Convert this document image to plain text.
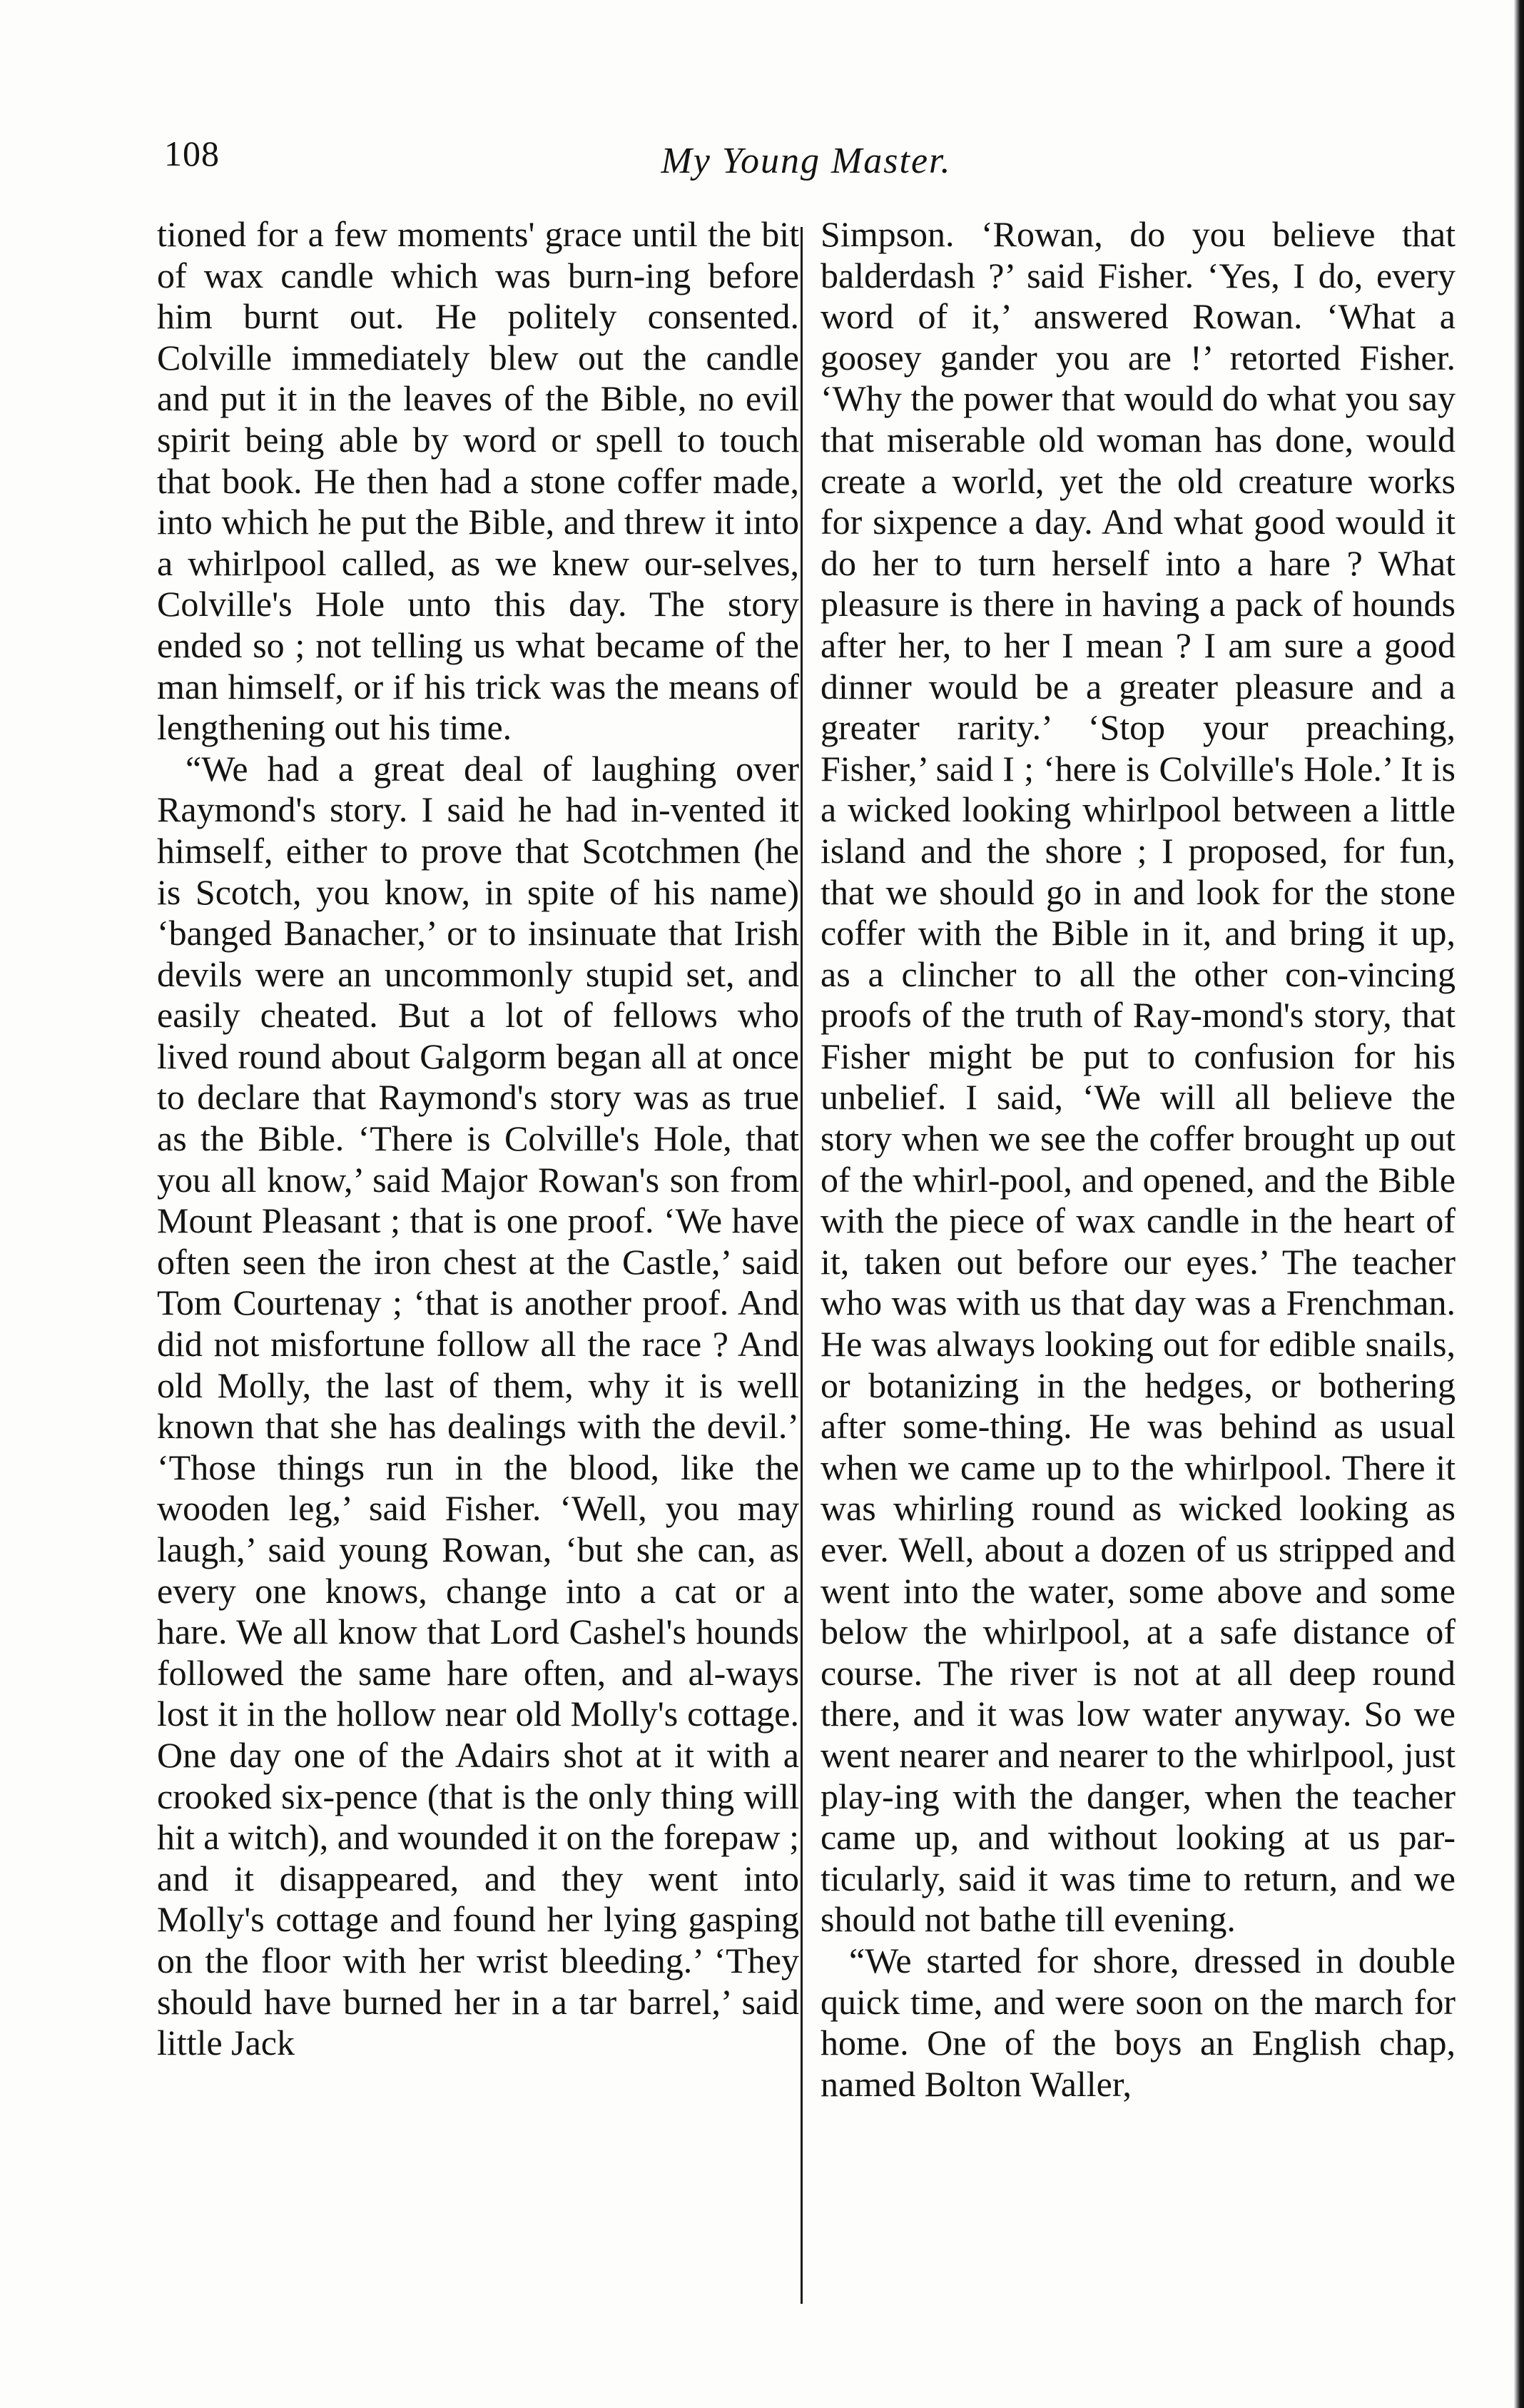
108	My Young Master.

tioned for a few moments' grace until the bit of wax candle which was burn-ing before him burnt out. He politely consented. Colville immediately blew out the candle and put it in the leaves of the Bible, no evil spirit being able by word or spell to touch that book. He then had a stone coffer made, into which he put the Bible, and threw it into a whirlpool called, as we knew our-selves, Colville's Hole unto this day. The story ended so ; not telling us what became of the man himself, or if his trick was the means of lengthening out his time.

“We had a great deal of laughing over Raymond's story. I said he had in-vented it himself, either to prove that Scotchmen (he is Scotch, you know, in spite of his name) ‘banged Banacher,’ or to insinuate that Irish devils were an uncommonly stupid set, and easily cheated. But a lot of fellows who lived round about Galgorm began all at once to declare that Raymond's story was as true as the Bible. ‘There is Colville's Hole, that you all know,’ said Major Rowan's son from Mount Pleasant ; that is one proof. ‘We have often seen the iron chest at the Castle,’ said Tom Courtenay ; ‘that is another proof. And did not misfortune follow all the race ? And old Molly, the last of them, why it is well known that she has dealings with the devil.’ ‘Those things run in the blood, like the wooden leg,’ said Fisher. ‘Well, you may laugh,’ said young Rowan, ‘but she can, as every one knows, change into a cat or a hare. We all know that Lord Cashel's hounds followed the same hare often, and al-ways lost it in the hollow near old Molly's cottage. One day one of the Adairs shot at it with a crooked six-pence (that is the only thing will hit a witch), and wounded it on the forepaw ; and it disappeared, and they went into Molly's cottage and found her lying gasping on the floor with her wrist bleeding.’ ‘They should have burned her in a tar barrel,’ said little Jack

Simpson. ‘Rowan, do you believe that balderdash ?’ said Fisher. ‘Yes, I do, every word of it,’ answered Rowan. ‘What a goosey gander you are !’ retorted Fisher. ‘Why the power that would do what you say that miserable old woman has done, would create a world, yet the old creature works for sixpence a day. And what good would it do her to turn herself into a hare ? What pleasure is there in having a pack of hounds after her, to her I mean ? I am sure a good dinner would be a greater pleasure and a greater rarity.’ ‘Stop your preaching, Fisher,’ said I ; ‘here is Colville's Hole.’ It is a wicked looking whirlpool between a little island and the shore ; I proposed, for fun, that we should go in and look for the stone coffer with the Bible in it, and bring it up, as a clincher to all the other con-vincing proofs of the truth of Ray-mond's story, that Fisher might be put to confusion for his unbelief. I said, ‘We will all believe the story when we see the coffer brought up out of the whirl-pool, and opened, and the Bible with the piece of wax candle in the heart of it, taken out before our eyes.’ The teacher who was with us that day was a Frenchman. He was always looking out for edible snails, or botanizing in the hedges, or bothering after some-thing. He was behind as usual when we came up to the whirlpool. There it was whirling round as wicked looking as ever. Well, about a dozen of us stripped and went into the water, some above and some below the whirlpool, at a safe distance of course. The river is not at all deep round there, and it was low water anyway. So we went nearer and nearer to the whirlpool, just play-ing with the danger, when the teacher came up, and without looking at us par-ticularly, said it was time to return, and we should not bathe till evening.

“We started for shore, dressed in double quick time, and were soon on the march for home. One of the boys an English chap, named Bolton Waller,
